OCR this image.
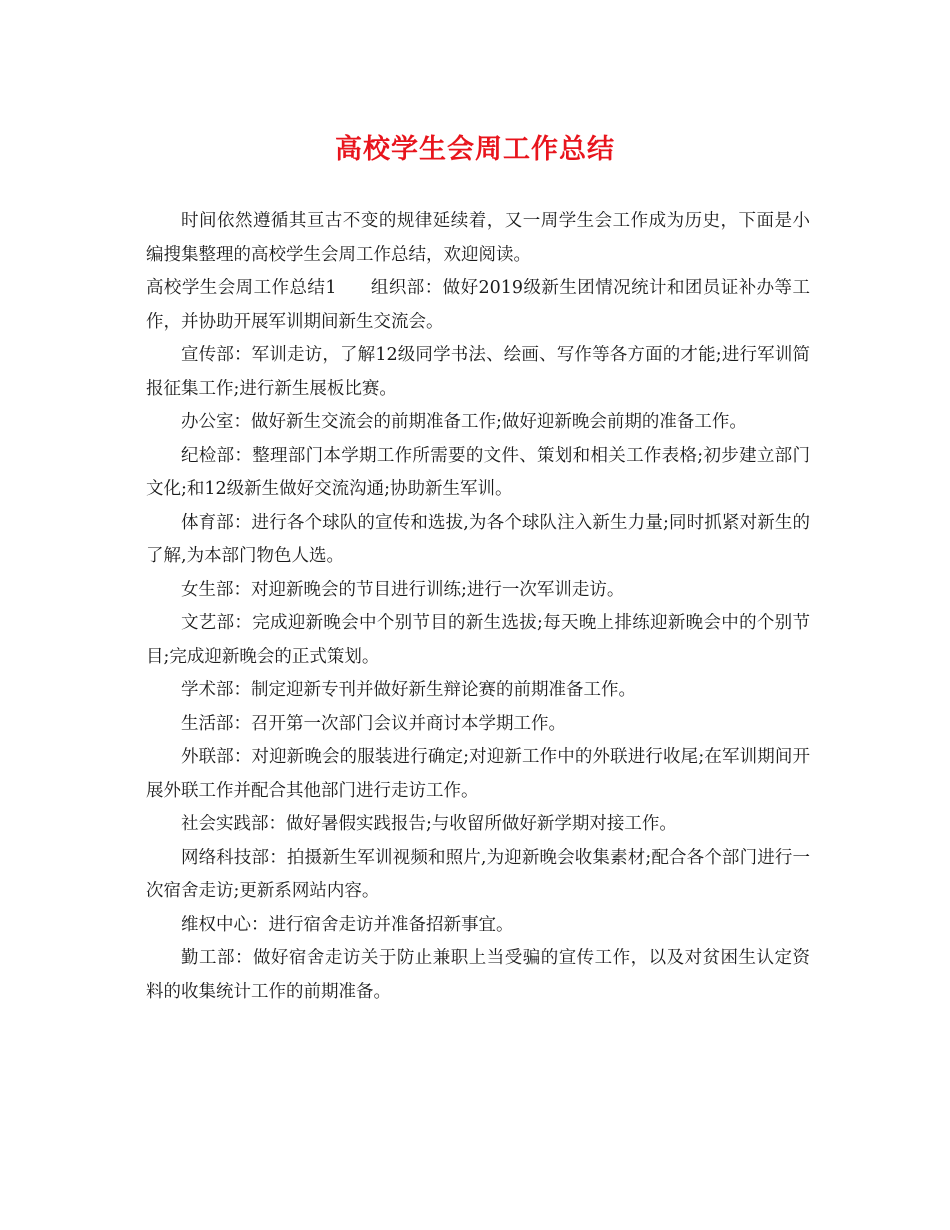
高校学生会周工作总结

时间依然遵循其亘古不变的规律延续着，又一周学生会工作成为历史，下面是小编搜集整理的高校学生会周工作总结，欢迎阅读。

高校学生会周工作总结1 组织部：做好2019级新生团情况统计和团员证补办等工作，并协助开展军训期间新生交流会。

宣传部：军训走访，了解12级同学书法、绘画、写作等各方面的才能;进行军训简报征集工作;进行新生展板比赛。

办公室：做好新生交流会的前期准备工作;做好迎新晚会前期的准备工作。

纪检部：整理部门本学期工作所需要的文件、策划和相关工作表格;初步建立部门文化;和12级新生做好交流沟通;协助新生军训。

体育部：进行各个球队的宣传和选拔,为各个球队注入新生力量;同时抓紧对新生的了解,为本部门物色人选。

女生部：对迎新晚会的节目进行训练;进行一次军训走访。

文艺部：完成迎新晚会中个别节目的新生选拔;每天晚上排练迎新晚会中的个别节目;完成迎新晚会的正式策划。

学术部：制定迎新专刊并做好新生辩论赛的前期准备工作。

生活部：召开第一次部门会议并商讨本学期工作。

外联部：对迎新晚会的服装进行确定;对迎新工作中的外联进行收尾;在军训期间开展外联工作并配合其他部门进行走访工作。

社会实践部：做好暑假实践报告;与收留所做好新学期对接工作。

网络科技部：拍摄新生军训视频和照片,为迎新晚会收集素材;配合各个部门进行一次宿舍走访;更新系网站内容。

维权中心：进行宿舍走访并准备招新事宜。

勤工部：做好宿舍走访关于防止兼职上当受骗的宣传工作，以及对贫困生认定资料的收集统计工作的前期准备。
